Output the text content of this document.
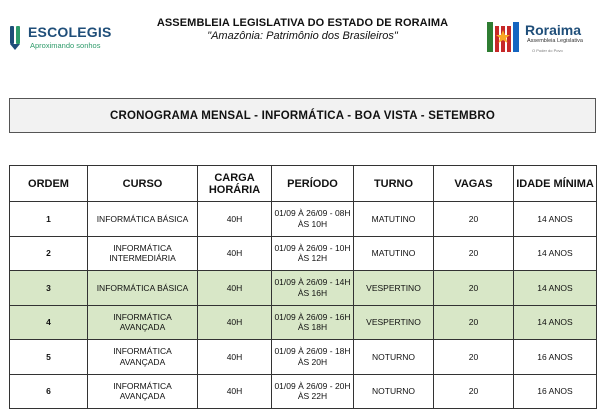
ESCOLEGIS
Aproximando sonhos
ASSEMBLEIA LEGISLATIVA DO ESTADO DE RORAIMA
"Amazônia: Patrimônio dos Brasileiros"	Roraima
Assembleia Legislativa
O Poder do Povo
CRONOGRAMA MENSAL - INFORMÁTICA - BOA VISTA - SETEMBRO
ORDEM	CURSO	CARGA HORÁRIA	PERÍODO	TURNO	VAGAS	IDADE MÍNIMA
1	INFORMÁTICA BÁSICA	40H	01/09 À 26/09 - 08H ÀS 10H	MATUTINO	20	14 ANOS
2	INFORMÁTICA INTERMEDIÁRIA	40H	01/09 À 26/09 - 10H ÀS 12H	MATUTINO	20	14 ANOS
3	INFORMÁTICA BÁSICA	40H	01/09 À 26/09 - 14H ÀS 16H	VESPERTINO	20	14 ANOS
4	INFORMÁTICA AVANÇADA	40H	01/09 À 26/09 - 16H ÀS 18H	VESPERTINO	20	14 ANOS
5	INFORMÁTICA AVANÇADA	40H	01/09 À 26/09 - 18H ÀS 20H	NOTURNO	20	16 ANOS
6	INFORMÁTICA AVANÇADA	40H	01/09 À 26/09 - 20H ÀS 22H	NOTURNO	20	16 ANOS
